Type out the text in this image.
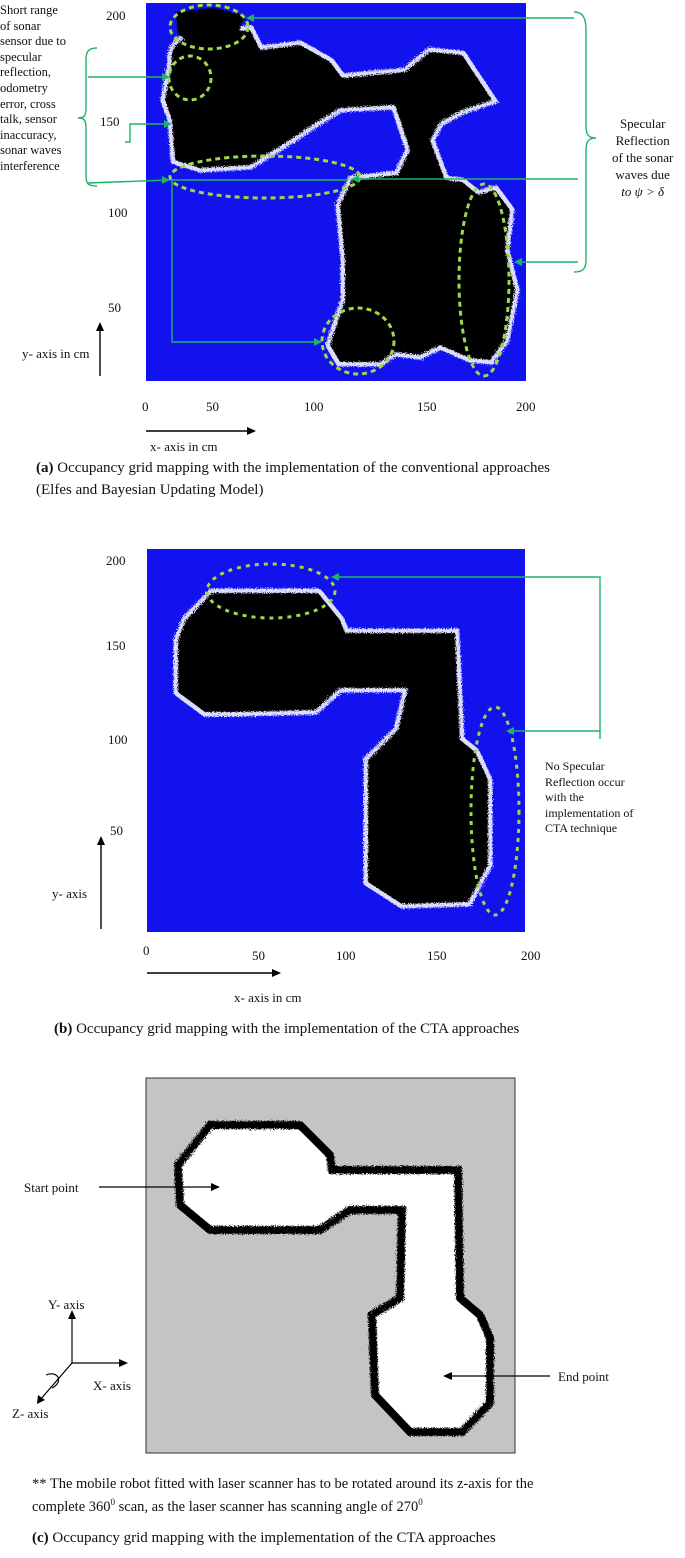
200
150
100
50
0	50	100	150	200
y- axis in cm
x- axis in cm
Short range
of sonar
sensor due to
specular
reflection,
odometry
error, cross
talk, sensor
inaccuracy,
sonar waves
interference
Specular
Reflection
of the sonar
waves due
to ψ > δ
(a) Occupancy grid mapping with the implementation of the conventional approaches
(Elfes and Bayesian Updating Model)
200
150
100
50
0	50	100	150	200
y- axis
x- axis in cm
No Specular
Reflection occur
with the
implementation of
CTA technique
(b) Occupancy grid mapping with the implementation of the CTA approaches
Start point
End point
Y- axis
X- axis
Z- axis
** The mobile robot fitted with laser scanner has to be rotated around its z-axis for the
complete $360^0$ scan, as the laser scanner has scanning angle of $270^0$
(c) Occupancy grid mapping with the implementation of the CTA approaches
